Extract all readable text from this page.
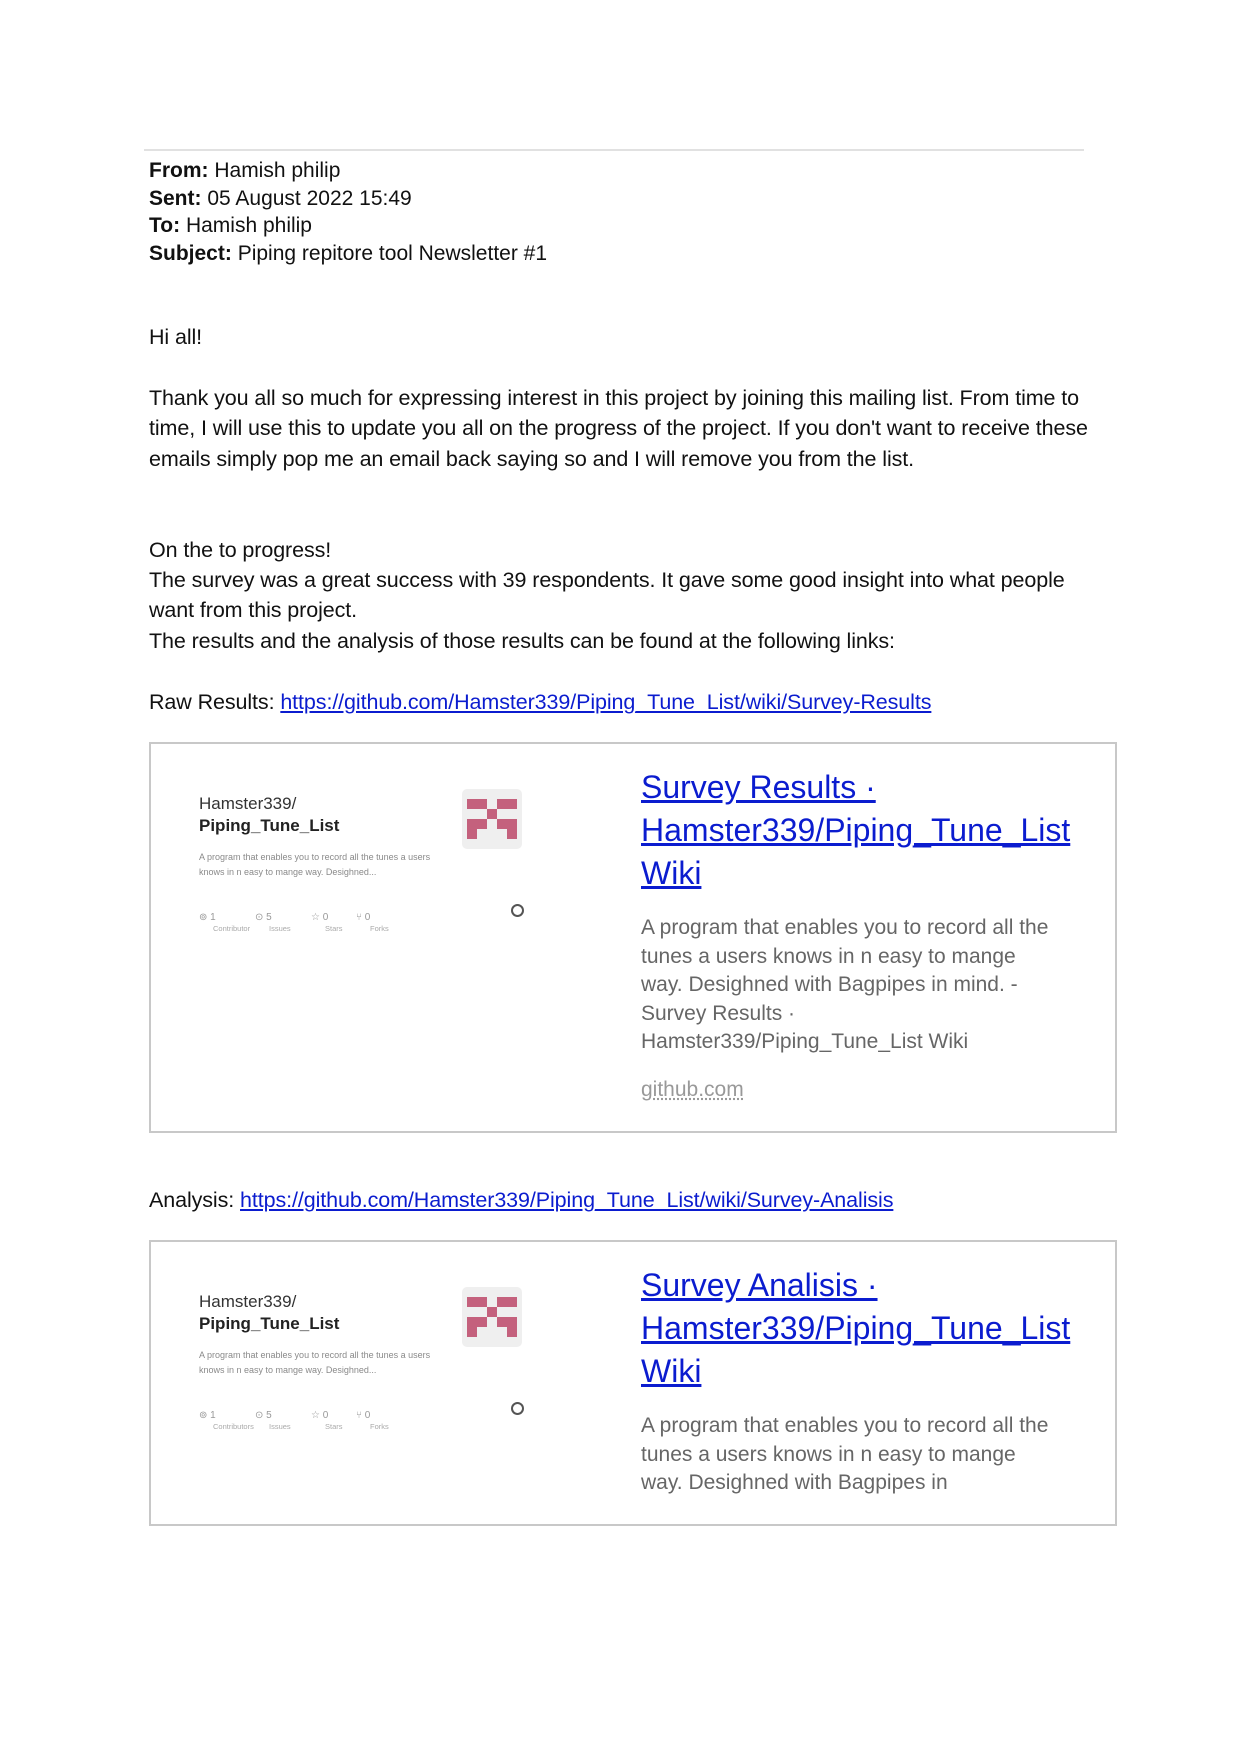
From: Hamish philip
Sent: 05 August 2022 15:49
To: Hamish philip
Subject: Piping repitore tool Newsletter #1
Hi all!
Thank you all so much for expressing interest in this project by joining this mailing list. From time to time, I will use this to update you all on the progress of the project. If you don't want to receive these emails simply pop me an email back saying so and I will remove you from the list.
On the to progress!
The survey was a great success with 39 respondents. It gave some good insight into what people want from this project.
The results and the analysis of those results can be found at the following links:
Raw Results: https://github.com/Hamster339/Piping_Tune_List/wiki/Survey-Results
Hamster339/
Piping_Tune_List
A program that enables you to record all the tunes a users knows in n easy to mange way. Desighned...
⊚ 1
Contributor
⊙ 5
Issues
☆ 0
Stars
⑂ 0
Forks
Survey Results · Hamster339/Piping_Tune_List Wiki
A program that enables you to record all the tunes a users knows in n easy to mange way. Desighned with Bagpipes in mind. - Survey Results · Hamster339/Piping_Tune_List Wiki
github.com
Analysis: https://github.com/Hamster339/Piping_Tune_List/wiki/Survey-Analisis
Hamster339/
Piping_Tune_List
A program that enables you to record all the tunes a users knows in n easy to mange way. Desighned...
⊚ 1
Contributors
⊙ 5
Issues
☆ 0
Stars
⑂ 0
Forks
Survey Analisis · Hamster339/Piping_Tune_List Wiki
A program that enables you to record all the tunes a users knows in n easy to mange way. Desighned with Bagpipes in
